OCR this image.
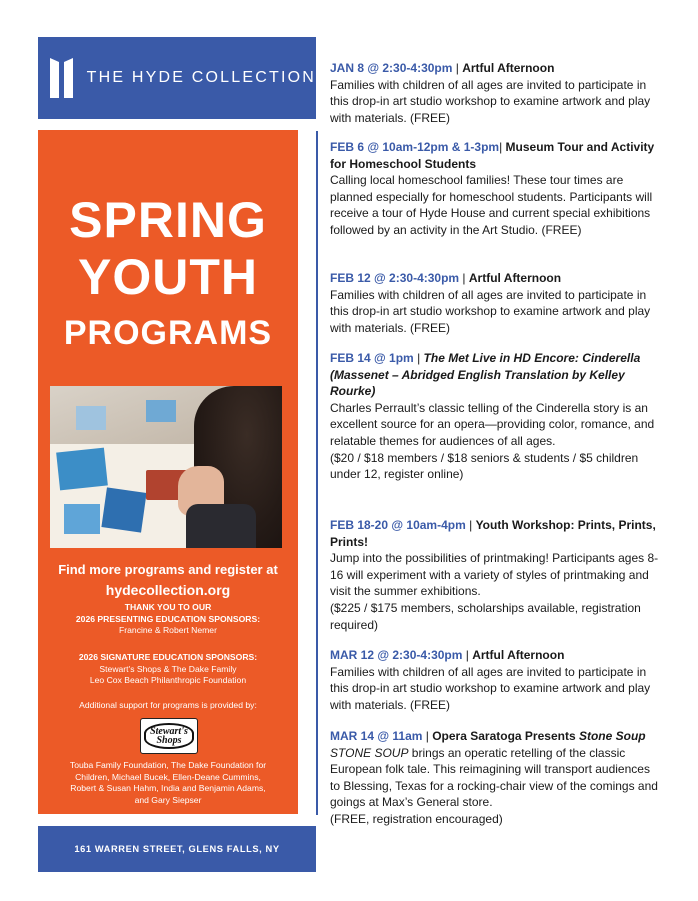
THE HYDE COLLECTION
SPRING
YOUTH
PROGRAMS
Find more programs and register at
hydecollection.org
THANK YOU TO OUR
2026 PRESENTING EDUCATION SPONSORS:
Francine & Robert Nemer
2026 SIGNATURE EDUCATION SPONSORS:
Stewart's Shops & The Dake Family
Leo Cox Beach Philanthropic Foundation
Additional support for programs is provided by:
Stewart's
Shops
Touba Family Foundation, The Dake Foundation for
Children, Michael Bucek, Ellen-Deane Cummins,
Robert & Susan Hahm, India and Benjamin Adams,
and Gary Siepser
161 WARREN STREET, GLENS FALLS, NY
JAN 8 @ 2:30-4:30pm | Artful Afternoon
Families with children of all ages are invited to participate in this drop-in art studio workshop to examine artwork and play with materials. (FREE)
FEB 6 @ 10am-12pm & 1-3pm| Museum Tour and Activity for Homeschool Students
Calling local homeschool families! These tour times are planned especially for homeschool students. Participants will receive a tour of Hyde House and current special exhibitions followed by an activity in the Art Studio. (FREE)
FEB 12 @ 2:30-4:30pm | Artful Afternoon
Families with children of all ages are invited to participate in this drop-in art studio workshop to examine artwork and play with materials. (FREE)
FEB 14 @ 1pm | The Met Live in HD Encore: Cinderella (Massenet – Abridged English Translation by Kelley Rourke)
Charles Perrault’s classic telling of the Cinderella story is an excellent source for an opera—providing color, romance, and relatable themes for audiences of all ages.
($20 / $18 members / $18 seniors & students / $5 children under 12, register online)
FEB 18-20 @ 10am-4pm | Youth Workshop: Prints, Prints, Prints!
Jump into the possibilities of printmaking! Participants ages 8-16 will experiment with a variety of styles of printmaking and visit the summer exhibitions.
($225 / $175 members, scholarships available, registration required)
MAR 12 @ 2:30-4:30pm | Artful Afternoon
Families with children of all ages are invited to participate in this drop-in art studio workshop to examine artwork and play with materials. (FREE)
MAR 14 @ 11am | Opera Saratoga Presents Stone Soup
STONE SOUP brings an operatic retelling of the classic European folk tale. This reimagining will transport audiences to Blessing, Texas for a rocking-chair view of the comings and goings at Max’s General store.
(FREE, registration encouraged)
